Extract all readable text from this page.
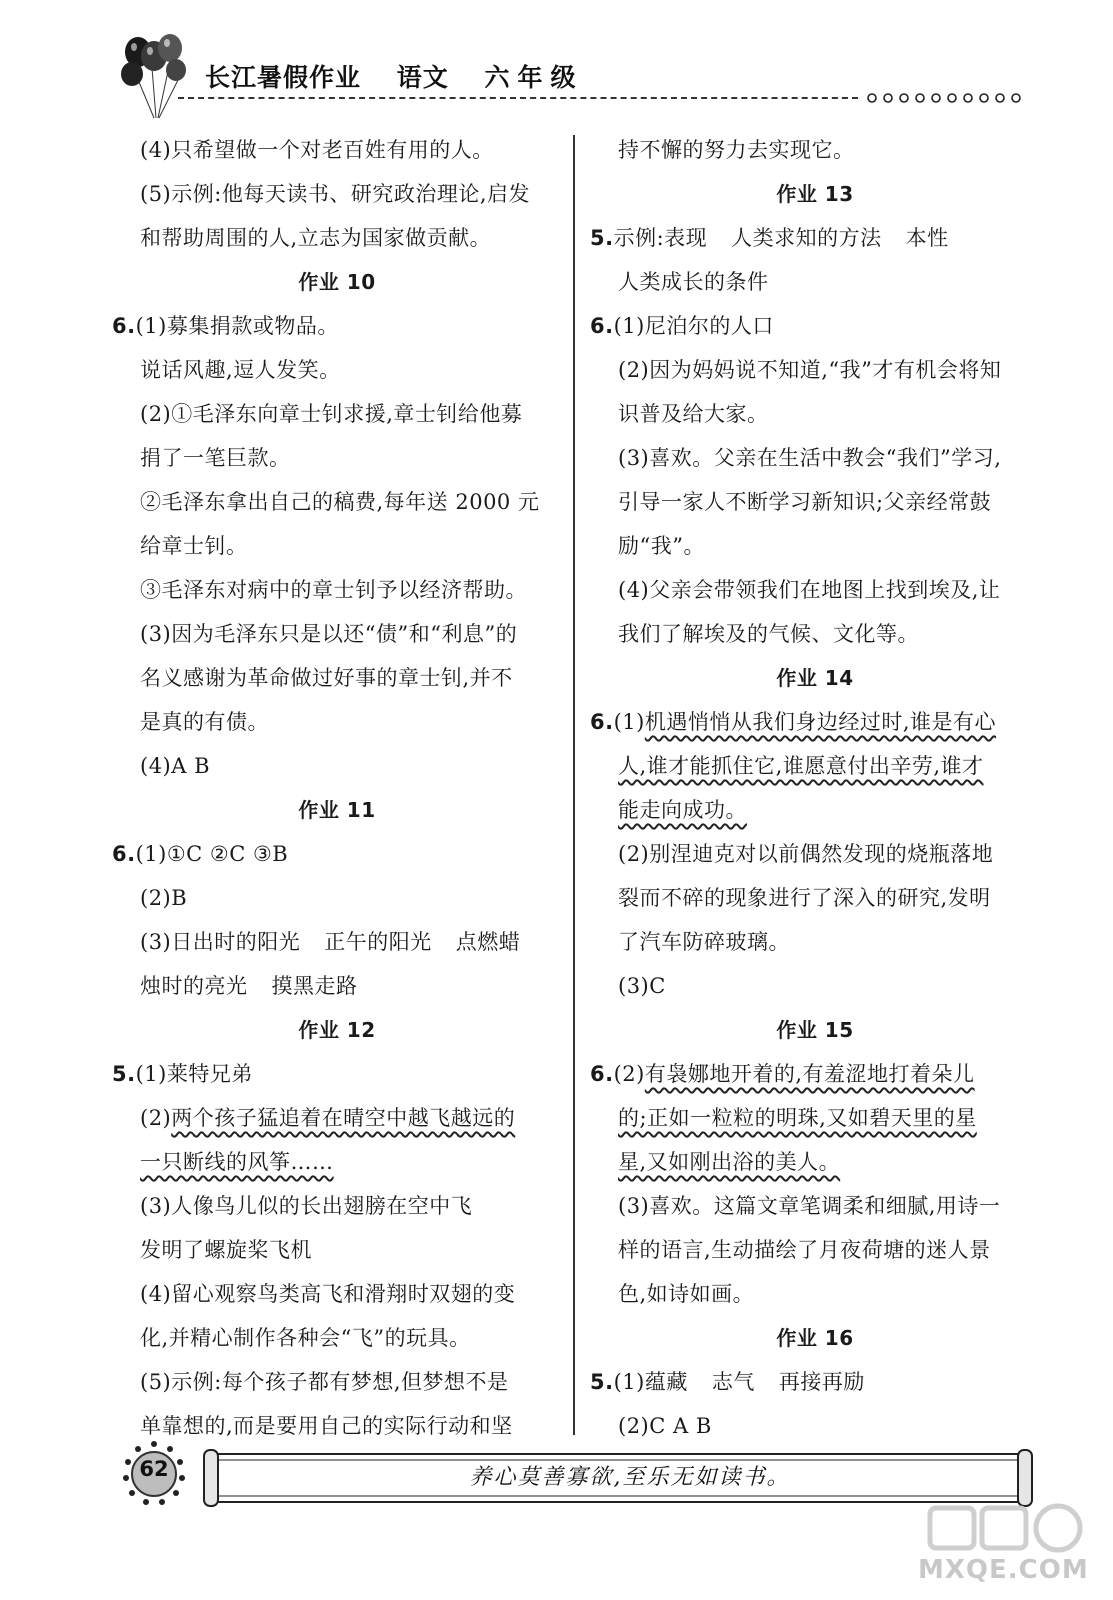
长江暑假作业 语文 六年级
(4)只希望做一个对老百姓有用的人。
(5)示例:他每天读书、研究政治理论,启发
和帮助周围的人,立志为国家做贡献。
作业 10
6.(1)募集捐款或物品。
说话风趣,逗人发笑。
(2)①毛泽东向章士钊求援,章士钊给他募
捐了一笔巨款。
②毛泽东拿出自己的稿费,每年送 2000 元
给章士钊。
③毛泽东对病中的章士钊予以经济帮助。
(3)因为毛泽东只是以还“债”和“利息”的
名义感谢为革命做过好事的章士钊,并不
是真的有债。
(4)A B
作业 11
6.(1)①C ②C ③B
(2)B
(3)日出时的阳光 正午的阳光 点燃蜡
烛时的亮光 摸黑走路
作业 12
5.(1)莱特兄弟
(2)两个孩子猛追着在晴空中越飞越远的
一只断线的风筝……
(3)人像鸟儿似的长出翅膀在空中飞
发明了螺旋桨飞机
(4)留心观察鸟类高飞和滑翔时双翅的变
化,并精心制作各种会“飞”的玩具。
(5)示例:每个孩子都有梦想,但梦想不是
单靠想的,而是要用自己的实际行动和坚
持不懈的努力去实现它。
作业 13
5.示例:表现 人类求知的方法 本性
人类成长的条件
6.(1)尼泊尔的人口
(2)因为妈妈说不知道,“我”才有机会将知
识普及给大家。
(3)喜欢。父亲在生活中教会“我们”学习,
引导一家人不断学习新知识;父亲经常鼓
励“我”。
(4)父亲会带领我们在地图上找到埃及,让
我们了解埃及的气候、文化等。
作业 14
6.(1)机遇悄悄从我们身边经过时,谁是有心
人,谁才能抓住它,谁愿意付出辛劳,谁才
能走向成功。
(2)别涅迪克对以前偶然发现的烧瓶落地
裂而不碎的现象进行了深入的研究,发明
了汽车防碎玻璃。
(3)C
作业 15
6.(2)有袅娜地开着的,有羞涩地打着朵儿
的;正如一粒粒的明珠,又如碧天里的星
星,又如刚出浴的美人。
(3)喜欢。这篇文章笔调柔和细腻,用诗一
样的语言,生动描绘了月夜荷塘的迷人景
色,如诗如画。
作业 16
5.(1)蕴藏 志气 再接再励
(2)C A B
62	养心莫善寡欲,至乐无如读书。
MXQE.COM
